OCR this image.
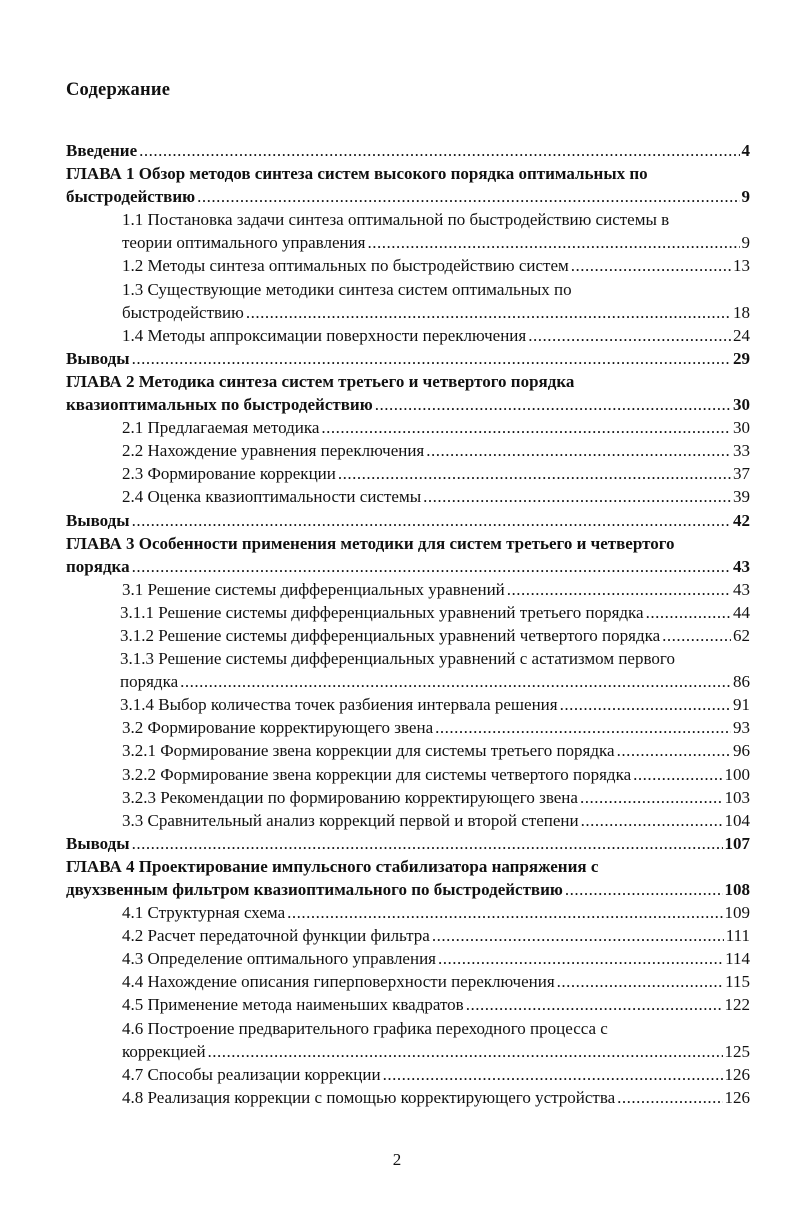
Содержание
Введение .....	4
ГЛАВА 1 Обзор методов синтеза систем высокого порядка оптимальных по
быстродействию .....	9
1.1 Постановка задачи синтеза оптимальной по быстродействию системы в
теории оптимального управления .....	9
1.2 Методы синтеза оптимальных по быстродействию систем .....	13
1.3 Существующие методики синтеза систем оптимальных по
быстродействию .....	18
1.4 Методы аппроксимации поверхности переключения .....	24
Выводы .....	29
ГЛАВА 2 Методика синтеза систем третьего и четвертого порядка
квазиоптимальных по быстродействию .....	30
2.1 Предлагаемая методика .....	30
2.2 Нахождение уравнения переключения .....	33
2.3 Формирование коррекции .....	37
2.4 Оценка квазиоптимальности системы .....	39
Выводы .....	42
ГЛАВА 3 Особенности применения методики для систем третьего и четвертого
порядка .....	43
3.1 Решение системы дифференциальных уравнений .....	43
3.1.1 Решение системы дифференциальных уравнений третьего порядка .....	44
3.1.2 Решение системы дифференциальных уравнений четвертого порядка .....	62
3.1.3 Решение системы дифференциальных уравнений с астатизмом первого
порядка .....	86
3.1.4 Выбор количества точек разбиения интервала решения .....	91
3.2 Формирование корректирующего звена .....	93
3.2.1 Формирование звена коррекции для системы третьего порядка .....	96
3.2.2 Формирование звена коррекции для системы четвертого порядка .....	100
3.2.3 Рекомендации по формированию корректирующего звена .....	103
3.3 Сравнительный анализ коррекций первой и второй степени .....	104
Выводы .....	107
ГЛАВА 4 Проектирование импульсного стабилизатора напряжения с
двухзвенным фильтром квазиоптимального по быстродействию .....	108
4.1 Структурная схема .....	109
4.2 Расчет передаточной функции фильтра .....	111
4.3 Определение оптимального управления .....	114
4.4 Нахождение описания гиперповерхности переключения .....	115
4.5 Применение метода наименьших квадратов .....	122
4.6 Построение предварительного графика переходного процесса с
коррекцией .....	125
4.7 Способы реализации коррекции .....	126
4.8 Реализация коррекции с помощью корректирующего устройства .....	126
2
